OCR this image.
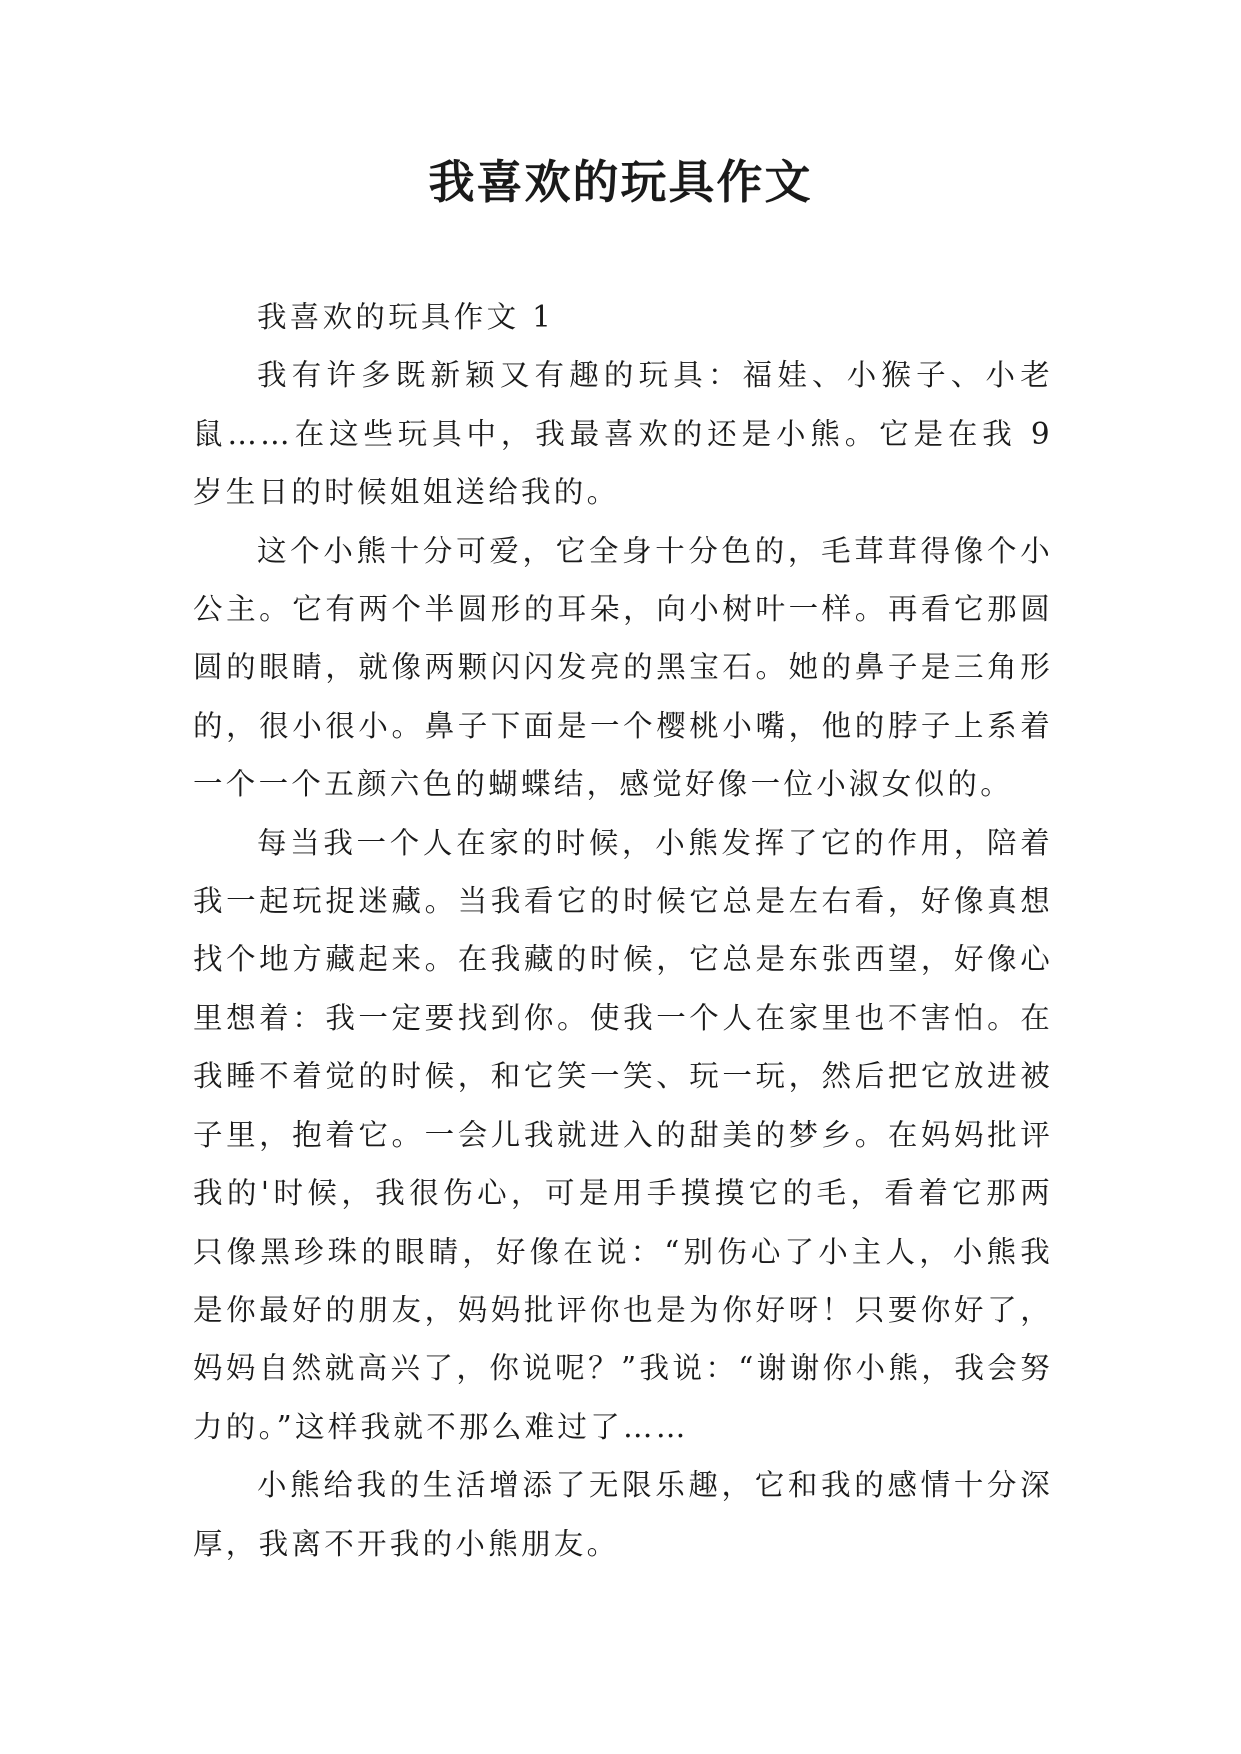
我喜欢的玩具作文

我喜欢的玩具作文 1

我有许多既新颖又有趣的玩具：福娃、小猴子、小老鼠……在这些玩具中，我最喜欢的还是小熊。它是在我 9 岁生日的时候姐姐送给我的。

这个小熊十分可爱，它全身十分色的，毛茸茸得像个小公主。它有两个半圆形的耳朵，向小树叶一样。再看它那圆圆的眼睛，就像两颗闪闪发亮的黑宝石。她的鼻子是三角形的，很小很小。鼻子下面是一个樱桃小嘴，他的脖子上系着一个一个五颜六色的蝴蝶结，感觉好像一位小淑女似的。

每当我一个人在家的时候，小熊发挥了它的作用，陪着我一起玩捉迷藏。当我看它的时候它总是左右看，好像真想找个地方藏起来。在我藏的时候，它总是东张西望，好像心里想着：我一定要找到你。使我一个人在家里也不害怕。在我睡不着觉的时候，和它笑一笑、玩一玩，然后把它放进被子里，抱着它。一会儿我就进入的甜美的梦乡。在妈妈批评我的'时候，我很伤心，可是用手摸摸它的毛，看着它那两只像黑珍珠的眼睛，好像在说：“别伤心了小主人，小熊我是你最好的朋友，妈妈批评你也是为你好呀！只要你好了，妈妈自然就高兴了，你说呢？”我说：“谢谢你小熊，我会努力的。”这样我就不那么难过了……

小熊给我的生活增添了无限乐趣，它和我的感情十分深厚，我离不开我的小熊朋友。
